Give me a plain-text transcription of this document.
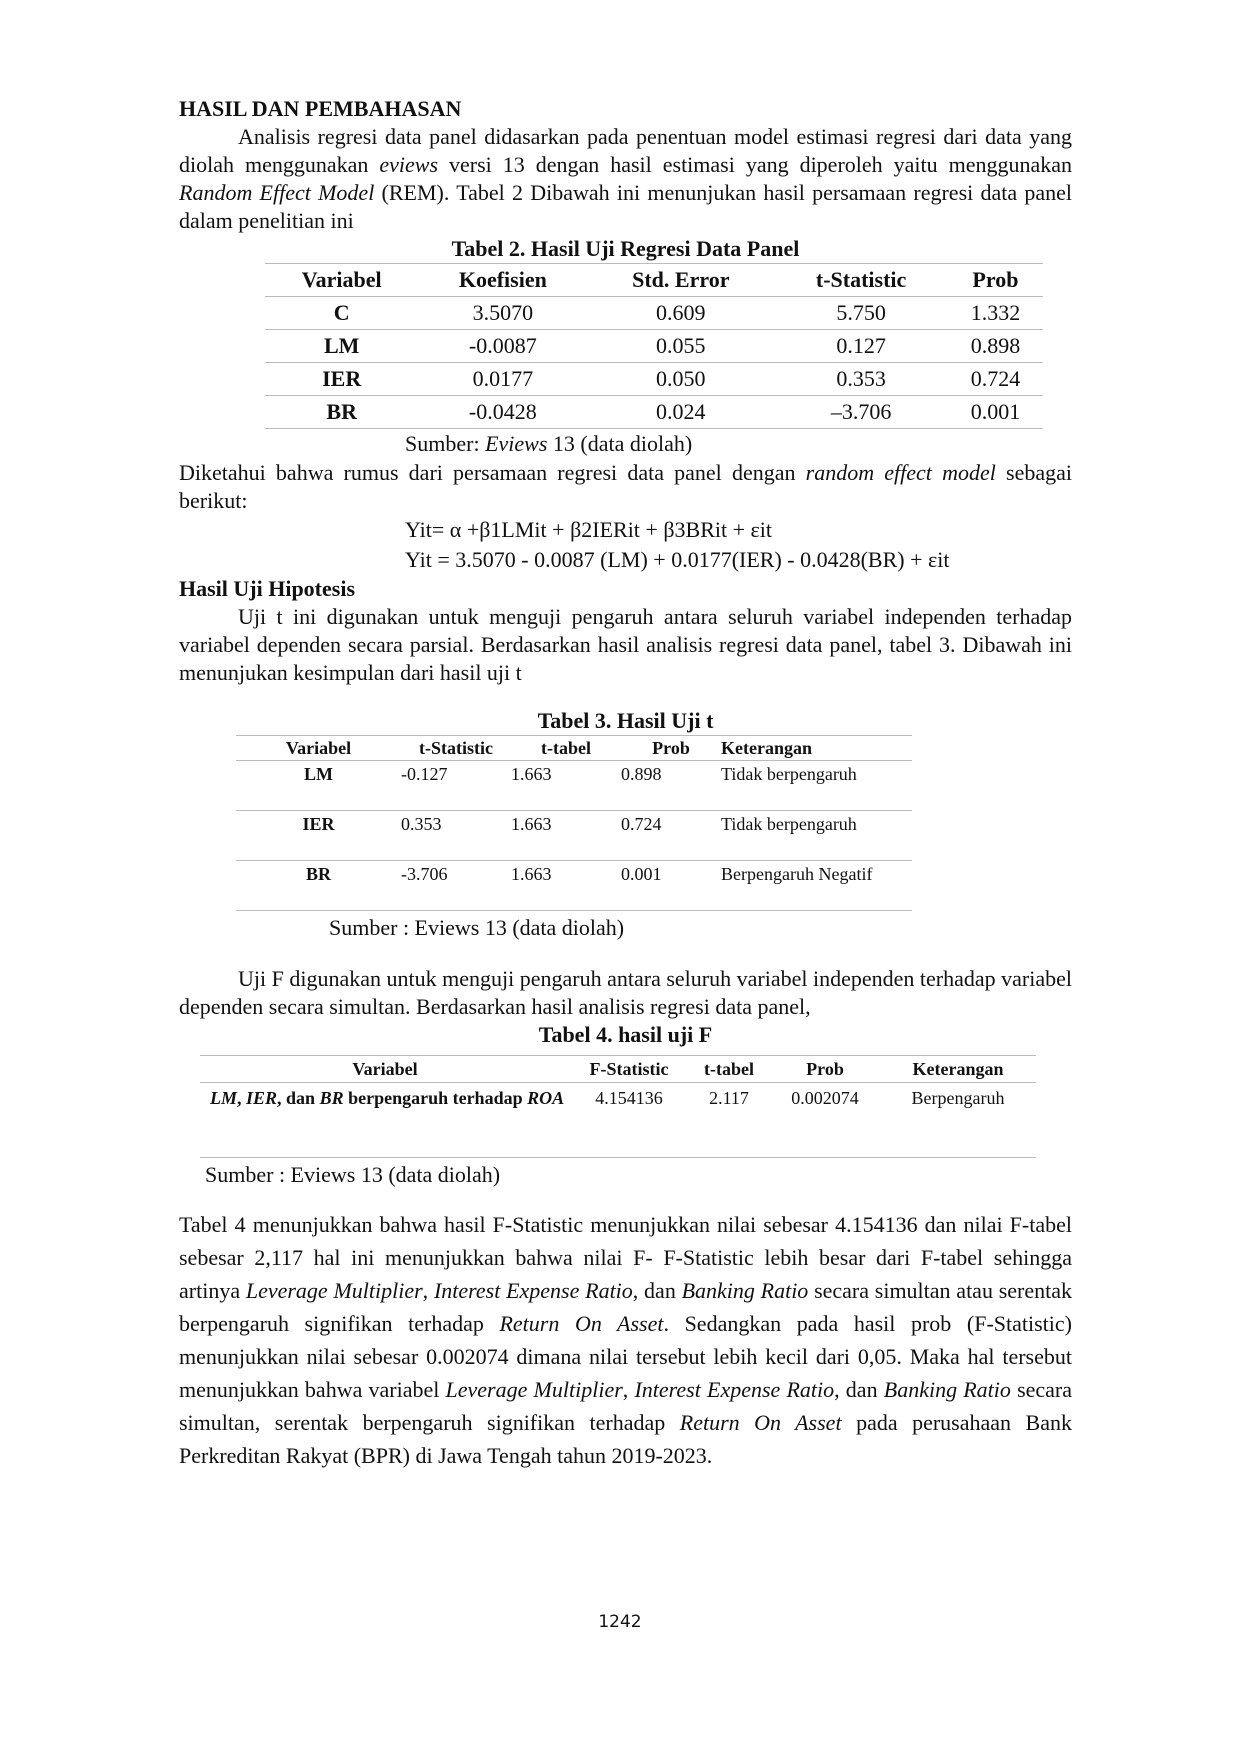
HASIL DAN PEMBAHASAN

Analisis regresi data panel didasarkan pada penentuan model estimasi regresi dari data yang diolah menggunakan eviews versi 13 dengan hasil estimasi yang diperoleh yaitu menggunakan Random Effect Model (REM). Tabel 2 Dibawah ini menunjukan hasil persamaan regresi data panel dalam penelitian ini

Tabel 2. Hasil Uji Regresi Data Panel

Variabel	Koefisien	Std. Error	t-Statistic	Prob
C	3.5070	0.609	5.750	1.332
LM	-0.0087	0.055	0.127	0.898
IER	0.0177	0.050	0.353	0.724
BR	-0.0428	0.024	–3.706	0.001

Sumber: Eviews 13 (data diolah)

Diketahui bahwa rumus dari persamaan regresi data panel dengan random effect model sebagai berikut:

Yit= α +β1LMit + β2IERit + β3BRit + εit

Yit = 3.5070 - 0.0087 (LM) + 0.0177(IER) - 0.0428(BR) + εit

Hasil Uji Hipotesis

Uji t ini digunakan untuk menguji pengaruh antara seluruh variabel independen terhadap variabel dependen secara parsial. Berdasarkan hasil analisis regresi data panel, tabel 3. Dibawah ini menunjukan kesimpulan dari hasil uji t

Tabel 3. Hasil Uji t

Variabel	t-Statistic	t-tabel	Prob	Keterangan
LM	-0.127	1.663	0.898	Tidak berpengaruh
IER	0.353	1.663	0.724	Tidak berpengaruh
BR	-3.706	1.663	0.001	Berpengaruh Negatif

Sumber : Eviews 13 (data diolah)

Uji F digunakan untuk menguji pengaruh antara seluruh variabel independen terhadap variabel dependen secara simultan. Berdasarkan hasil analisis regresi data panel,

Tabel 4. hasil uji F

Variabel	F-Statistic	t-tabel	Prob	Keterangan
LM, IER, dan BR berpengaruh terhadap ROA	4.154136	2.117	0.002074	Berpengaruh

Sumber : Eviews 13 (data diolah)

Tabel 4 menunjukkan bahwa hasil F-Statistic menunjukkan nilai sebesar 4.154136 dan nilai F-tabel sebesar 2,117 hal ini menunjukkan bahwa nilai F- F-Statistic lebih besar dari F-tabel sehingga artinya Leverage Multiplier, Interest Expense Ratio, dan Banking Ratio secara simultan atau serentak berpengaruh signifikan terhadap Return On Asset. Sedangkan pada hasil prob (F-Statistic) menunjukkan nilai sebesar 0.002074 dimana nilai tersebut lebih kecil dari 0,05. Maka hal tersebut menunjukkan bahwa variabel Leverage Multiplier, Interest Expense Ratio, dan Banking Ratio secara simultan, serentak berpengaruh signifikan terhadap Return On Asset pada perusahaan Bank Perkreditan Rakyat (BPR) di Jawa Tengah tahun 2019-2023.

1242
